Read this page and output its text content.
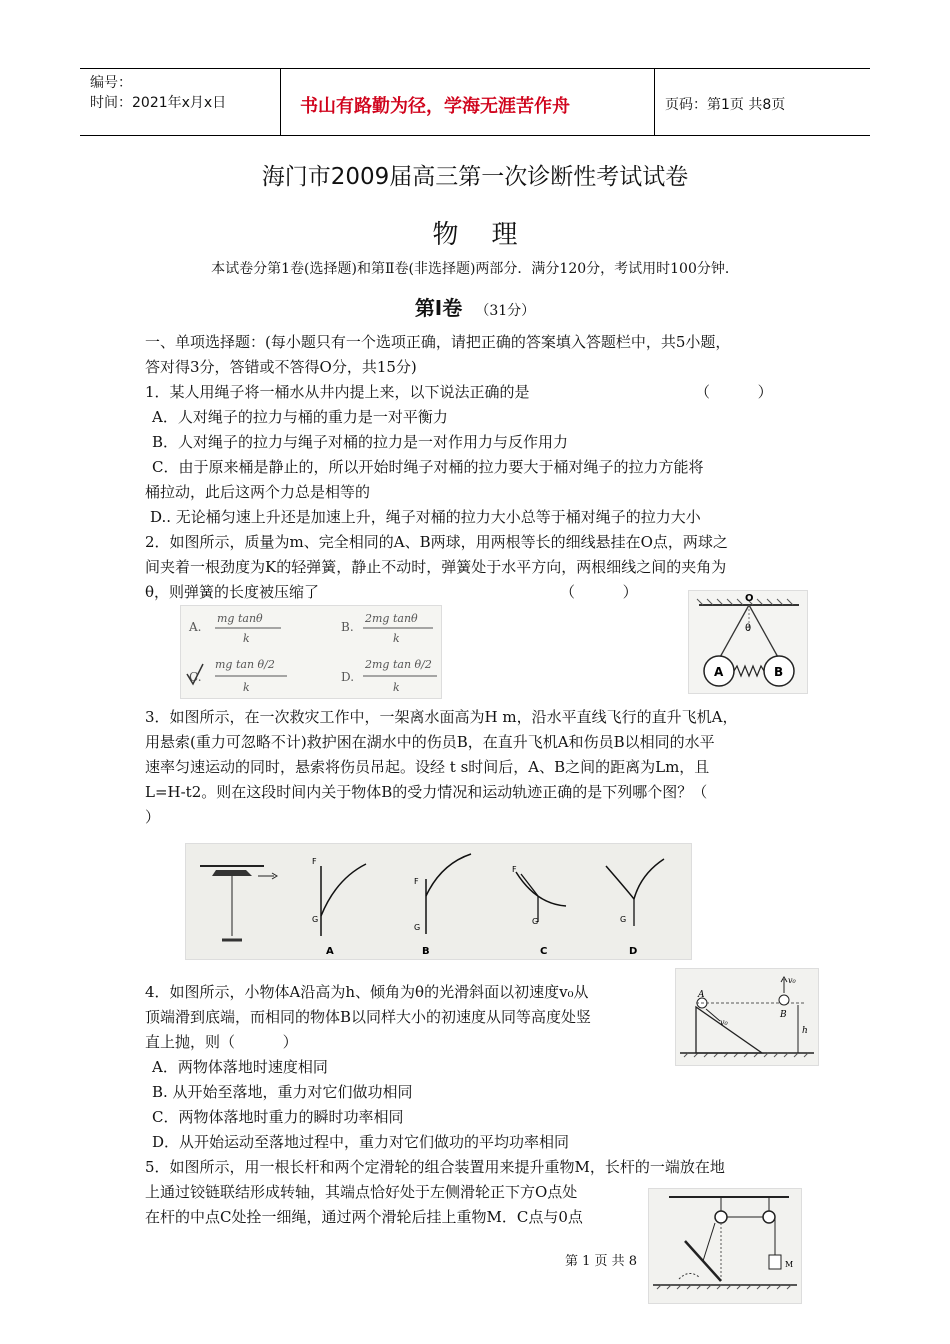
编号：
时间：2021年x月x日	书山有路勤为径，学海无涯苦作舟	页码：第1页 共8页
海门市2009届高三第一次诊断性考试试卷
物    理
本试卷分第1卷(选择题)和第Ⅱ卷(非选择题)两部分．满分120分，考试用时100分钟．
第Ⅰ卷 （31分）
一、单项选择题：(每小题只有一个选项正确，请把正确的答案填入答题栏中，共5小题，
答对得3分，答错或不答得O分，共15分)
1．某人用绳子将一桶水从井内提上来，以下说法正确的是	（          ）
A．人对绳子的拉力与桶的重力是一对平衡力
B．人对绳子的拉力与绳子对桶的拉力是一对作用力与反作用力
C．由于原来桶是静止的，所以开始时绳子对桶的拉力要大于桶对绳子的拉力方能将
桶拉动，此后这两个力总是相等的
D.. 无论桶匀速上升还是加速上升，绳子对桶的拉力大小总等于桶对绳子的拉力大小
2．如图所示，质量为m、完全相同的A、B两球，用两根等长的细线悬挂在O点，两球之
间夹着一根劲度为K的轻弹簧，静止不动时，弹簧处于水平方向，两根细线之间的夹角为
θ，则弹簧的长度被压缩了	（          ）
A.
mg tanθ
k
B.
2mg tanθ
k
C.
mg tan θ/2
k
D.
2mg tan θ/2
k
O
θ
A	B
3．如图所示，在一次救灾工作中，一架离水面高为H m，沿水平直线飞行的直升飞机A，
用悬索(重力可忽略不计)救护困在湖水中的伤员B，在直升飞机A和伤员B以相同的水平
速率匀速运动的同时，悬索将伤员吊起。设经 t s时间后，A、B之间的距离为Lm，且
L=H-t2。则在这段时间内关于物体B的受力情况和运动轨迹正确的是下列哪个图？（
）
F
G
A
F
G
B
F
G
C
G
D
4．如图所示，小物体A沿高为h、倾角为θ的光滑斜面以初速度v₀从
顶端滑到底端，而相同的物体B以同样大小的初速度从同等高度处竖
直上抛，则（          ）
A．两物体落地时速度相同
B. 从开始至落地，重力对它们做功相同
C．两物体落地时重力的瞬时功率相同
D．从开始运动至落地过程中，重力对它们做功的平均功率相同
A
v₀
v₀
B
h
5．如图所示，用一根长杆和两个定滑轮的组合装置用来提升重物M，长杆的一端放在地
上通过铰链联结形成转轴，其端点恰好处于左侧滑轮正下方O点处
在杆的中点C处拴一细绳，通过两个滑轮后挂上重物M．C点与0点
第 1 页 共 8	M
